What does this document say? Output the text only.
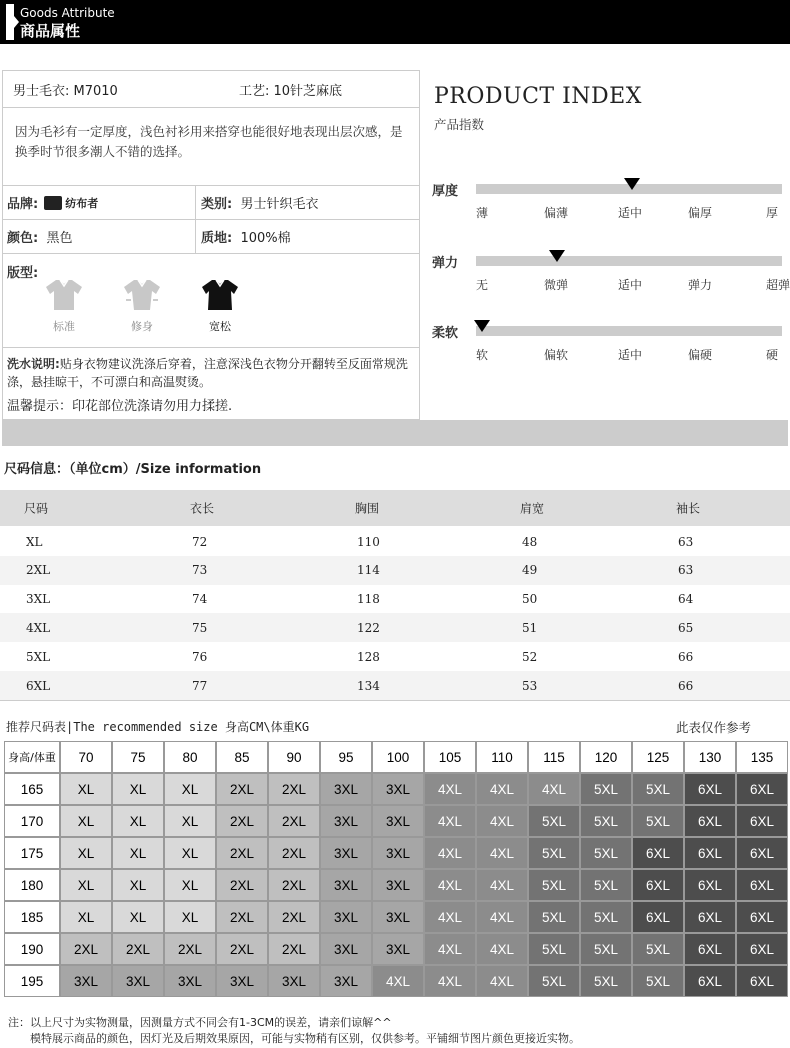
Goods Attribute
商品属性
男士毛衣: M7010	工艺: 10针芝麻底
因为毛衫有一定厚度，浅色衬衫用来搭穿也能很好地表现出层次感，是换季时节很多潮人不错的选择。
品牌: 纺布者	类别:
男士针织毛衣
颜色:
黑色	质地:
100%棉
版型:
标准	修身	宽松
洗水说明:贴身衣物建议洗涤后穿着，注意深浅色衣物分开翻转至反面常规洗涤，悬挂晾干，不可漂白和高温熨烫。
温馨提示：印花部位洗涤请勿用力揉搓.
PRODUCT INDEX
产品指数
厚度
薄	偏薄	适中	偏厚	厚
弹力
无	微弹	适中	弹力	超弹
柔软
软	偏软	适中	偏硬	硬
尺码信息：（单位cm）/Size information
尺码	衣长	胸围	肩宽	袖长
XL	72	110	48	63
2XL	73	114	49	63
3XL	74	118	50	64
4XL	75	122	51	65
5XL	76	128	52	66
6XL	77	134	53	66
推荐尺码表|The recommended size 身高CM\体重KG	此表仅作参考
身高/体重	70	75	80	85	90	95	100	105	110	115	120	125	130	135
165	XL	XL	XL	2XL	2XL	3XL	3XL	4XL	4XL	4XL	5XL	5XL	6XL	6XL
170	XL	XL	XL	2XL	2XL	3XL	3XL	4XL	4XL	5XL	5XL	5XL	6XL	6XL
175	XL	XL	XL	2XL	2XL	3XL	3XL	4XL	4XL	5XL	5XL	6XL	6XL	6XL
180	XL	XL	XL	2XL	2XL	3XL	3XL	4XL	4XL	5XL	5XL	6XL	6XL	6XL
185	XL	XL	XL	2XL	2XL	3XL	3XL	4XL	4XL	5XL	5XL	6XL	6XL	6XL
190	2XL	2XL	2XL	2XL	2XL	3XL	3XL	4XL	4XL	5XL	5XL	5XL	6XL	6XL
195	3XL	3XL	3XL	3XL	3XL	3XL	4XL	4XL	4XL	5XL	5XL	5XL	6XL	6XL
注：以上尺寸为实物测量，因测量方式不同会有1-3CM的误差，请亲们谅解^^
模特展示商品的颜色，因灯光及后期效果原因，可能与实物稍有区别，仅供参考。平铺细节图片颜色更接近实物。
